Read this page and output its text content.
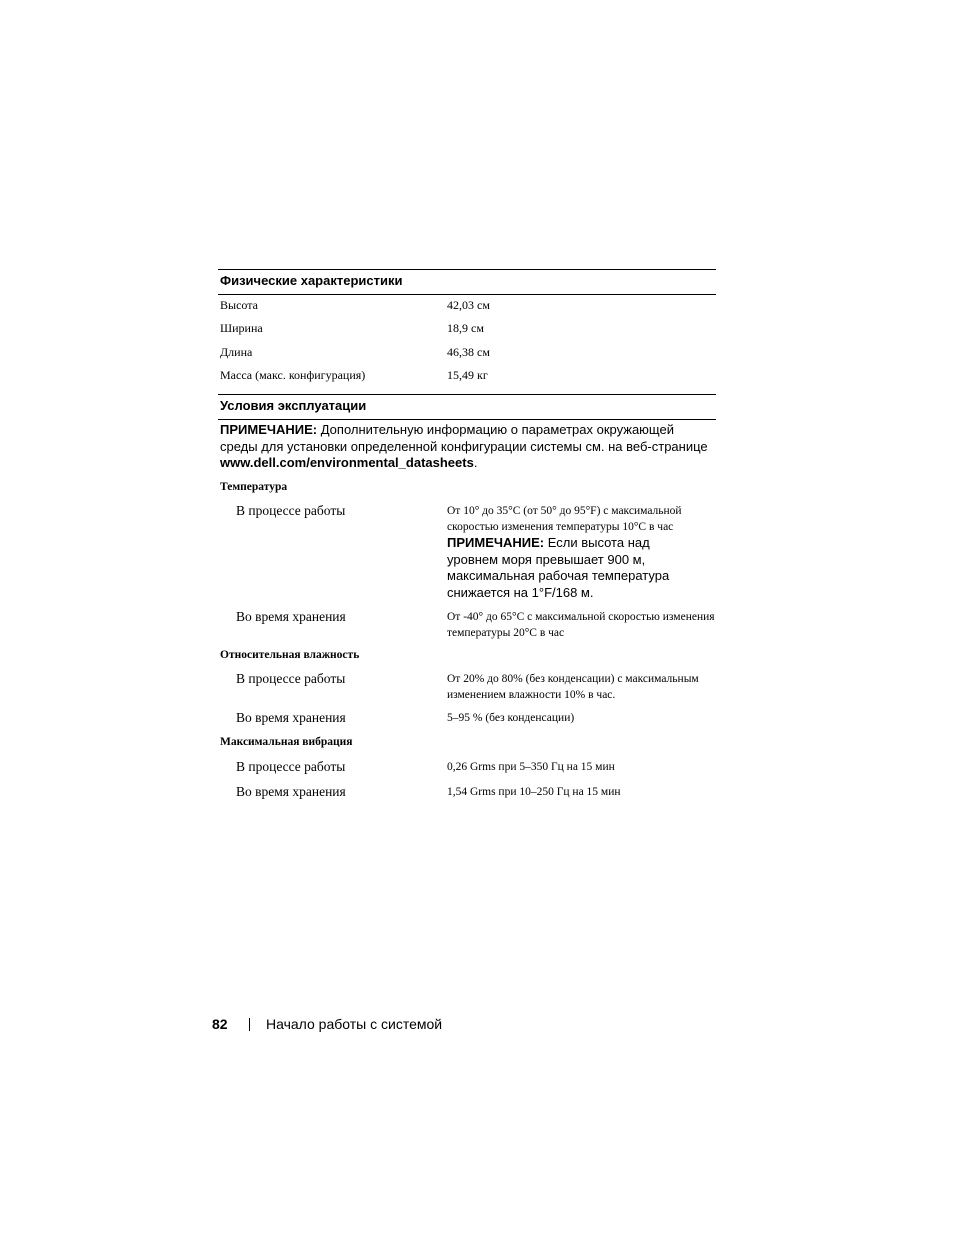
Физические характеристики
Высота	42,03 см
Ширина	18,9 см
Длина	46,38 см
Масса (макс. конфигурация)	15,49 кг
Условия эксплуатации
ПРИМЕЧАНИЕ: Дополнительную информацию о параметрах окружающей среды для установки определенной конфигурации системы см. на веб-странице www.dell.com/environmental_datasheets.
Температура
В процессе работы	От 10° до 35°C (от 50° до 95°F) с максимальной скоростью изменения температуры 10°C в час
ПРИМЕЧАНИЕ: Если высота над уровнем моря превышает 900 м, максимальная рабочая температура снижается на 1°F/168 м.
Во время хранения	От -40° до 65°C с максимальной скоростью изменения температуры 20°C в час
Относительная влажность
В процессе работы	От 20% до 80% (без конденсации) с максимальным изменением влажности 10% в час.
Во время хранения	5–95 % (без конденсации)
Максимальная вибрация
В процессе работы	0,26 Grms при 5–350 Гц на 15 мин
Во время хранения	1,54 Grms при 10–250 Гц на 15 мин
82	Начало работы с системой
